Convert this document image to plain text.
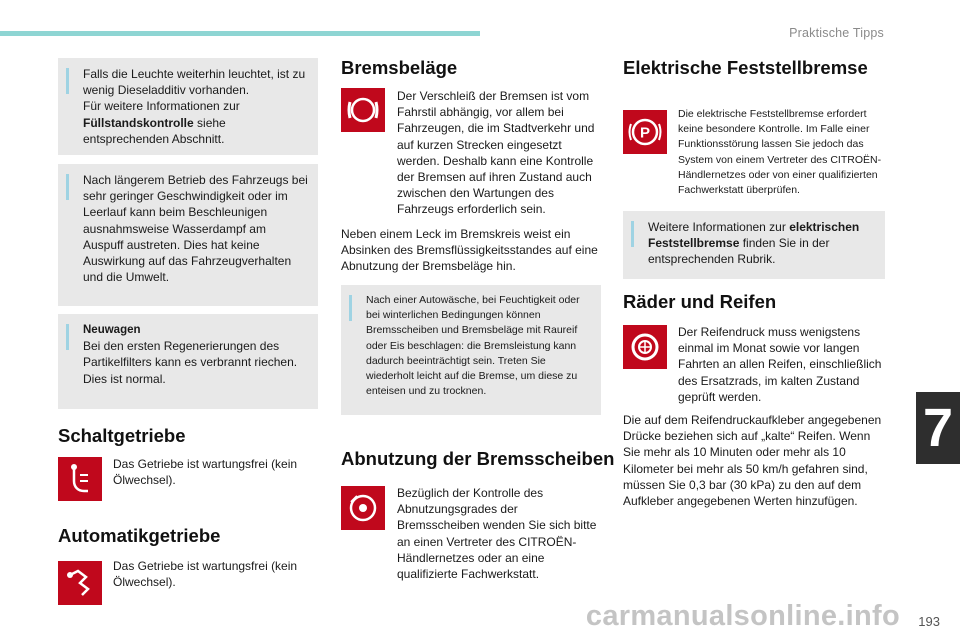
Praktische Tipps
7
Falls die Leuchte weiterhin leuchtet, ist zu wenig Dieseladditiv vorhanden.
Für weitere Informationen zur Füllstandskontrolle siehe entsprechenden Abschnitt.
Nach längerem Betrieb des Fahrzeugs bei sehr geringer Geschwindigkeit oder im Leerlauf kann beim Beschleunigen ausnahmsweise Wasserdampf am Auspuff austreten. Dies hat keine Auswirkung auf das Fahrzeugverhalten und die Umwelt.
Neuwagen
Bei den ersten Regenerierungen des Partikelfilters kann es verbrannt riechen. Dies ist normal.
Schaltgetriebe
Das Getriebe ist wartungsfrei (kein Ölwechsel).
Automatikgetriebe
Das Getriebe ist wartungsfrei (kein Ölwechsel).
Bremsbeläge
Der Verschleiß der Bremsen ist vom Fahrstil abhängig, vor allem bei Fahrzeugen, die im Stadtverkehr und auf kurzen Strecken eingesetzt werden. Deshalb kann eine Kontrolle der Bremsen auf ihren Zustand auch zwischen den Wartungen des Fahrzeugs erforderlich sein.
Neben einem Leck im Bremskreis weist ein Absinken des Bremsflüssigkeitsstandes auf eine Abnutzung der Bremsbeläge hin.
Nach einer Autowäsche, bei Feuchtigkeit oder bei winterlichen Bedingungen können Bremsscheiben und Bremsbeläge mit Raureif oder Eis beschlagen: die Bremsleistung kann dadurch beeinträchtigt sein. Treten Sie wiederholt leicht auf die Bremse, um diese zu enteisen und zu trocknen.
Abnutzung der Bremsscheiben
Bezüglich der Kontrolle des Abnutzungsgrades der Bremsscheiben wenden Sie sich bitte an einen Vertreter des CITROËN-Händlernetzes oder an eine qualifizierte Fachwerkstatt.
Elektrische Feststellbremse
P
Die elektrische Feststellbremse erfordert keine besondere Kontrolle. Im Falle einer Funktionsstörung lassen Sie jedoch das System von einem Vertreter des CITROËN-Händlernetzes oder von einer qualifizierten Fachwerkstatt überprüfen.
Weitere Informationen zur elektrischen Feststellbremse finden Sie in der entsprechenden Rubrik.
Räder und Reifen
Der Reifendruck muss wenigstens einmal im Monat sowie vor langen Fahrten an allen Reifen, einschließlich des Ersatzrads, im kalten Zustand geprüft werden.
Die auf dem Reifendruckaufkleber angegebenen Drücke beziehen sich auf „kalte“ Reifen. Wenn Sie mehr als 10 Minuten oder mehr als 10 Kilometer bei mehr als 50 km/h gefahren sind, müssen Sie 0,3 bar (30 kPa) zu den auf dem Aufkleber angegebenen Werten hinzufügen.
carmanualsonline.info 193
